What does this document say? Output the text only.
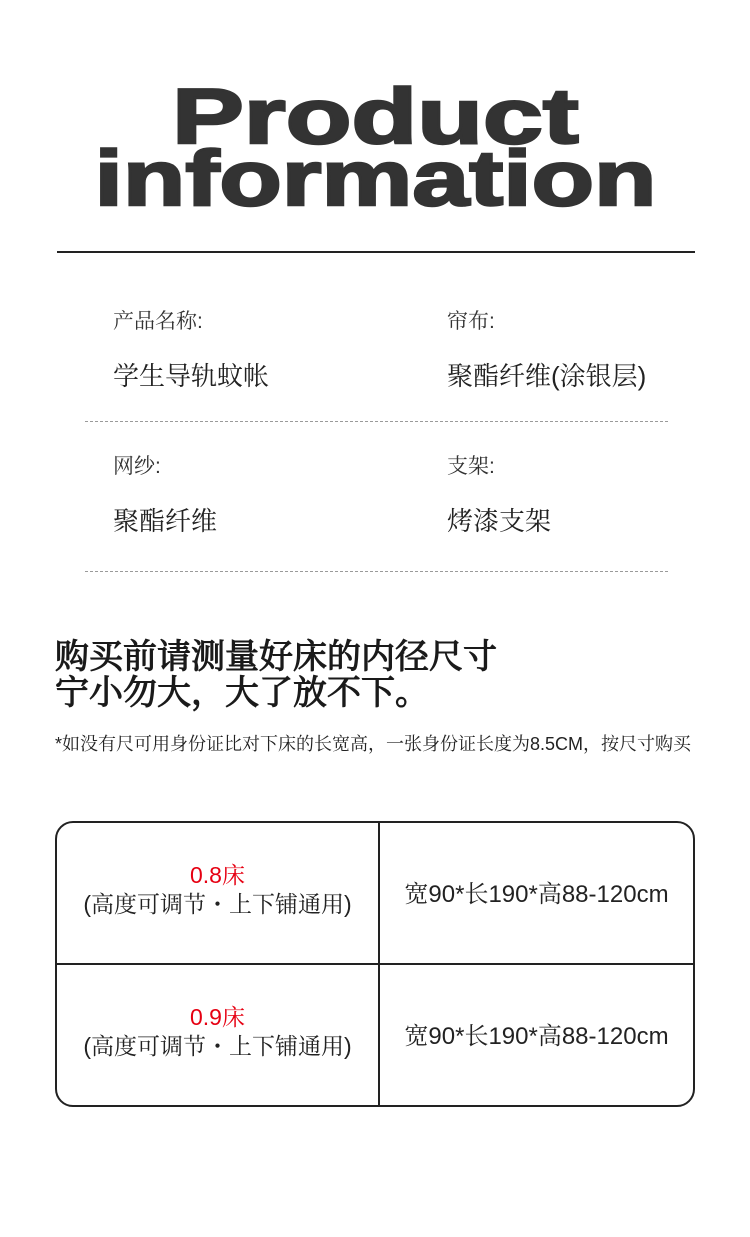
Product
information
产品名称:
学生导轨蚊帐
帘布:
聚酯纤维(涂银层)
网纱:
聚酯纤维
支架:
烤漆支架
购买前请测量好床的内径尺寸
宁小勿大，大了放不下。
*如没有尺可用身份证比对下床的长宽高，一张身份证长度为8.5CM，按尺寸购买
0.8床
(高度可调节・上下铺通用)	宽90*长190*高88-120cm
0.9床
(高度可调节・上下铺通用)	宽90*长190*高88-120cm
